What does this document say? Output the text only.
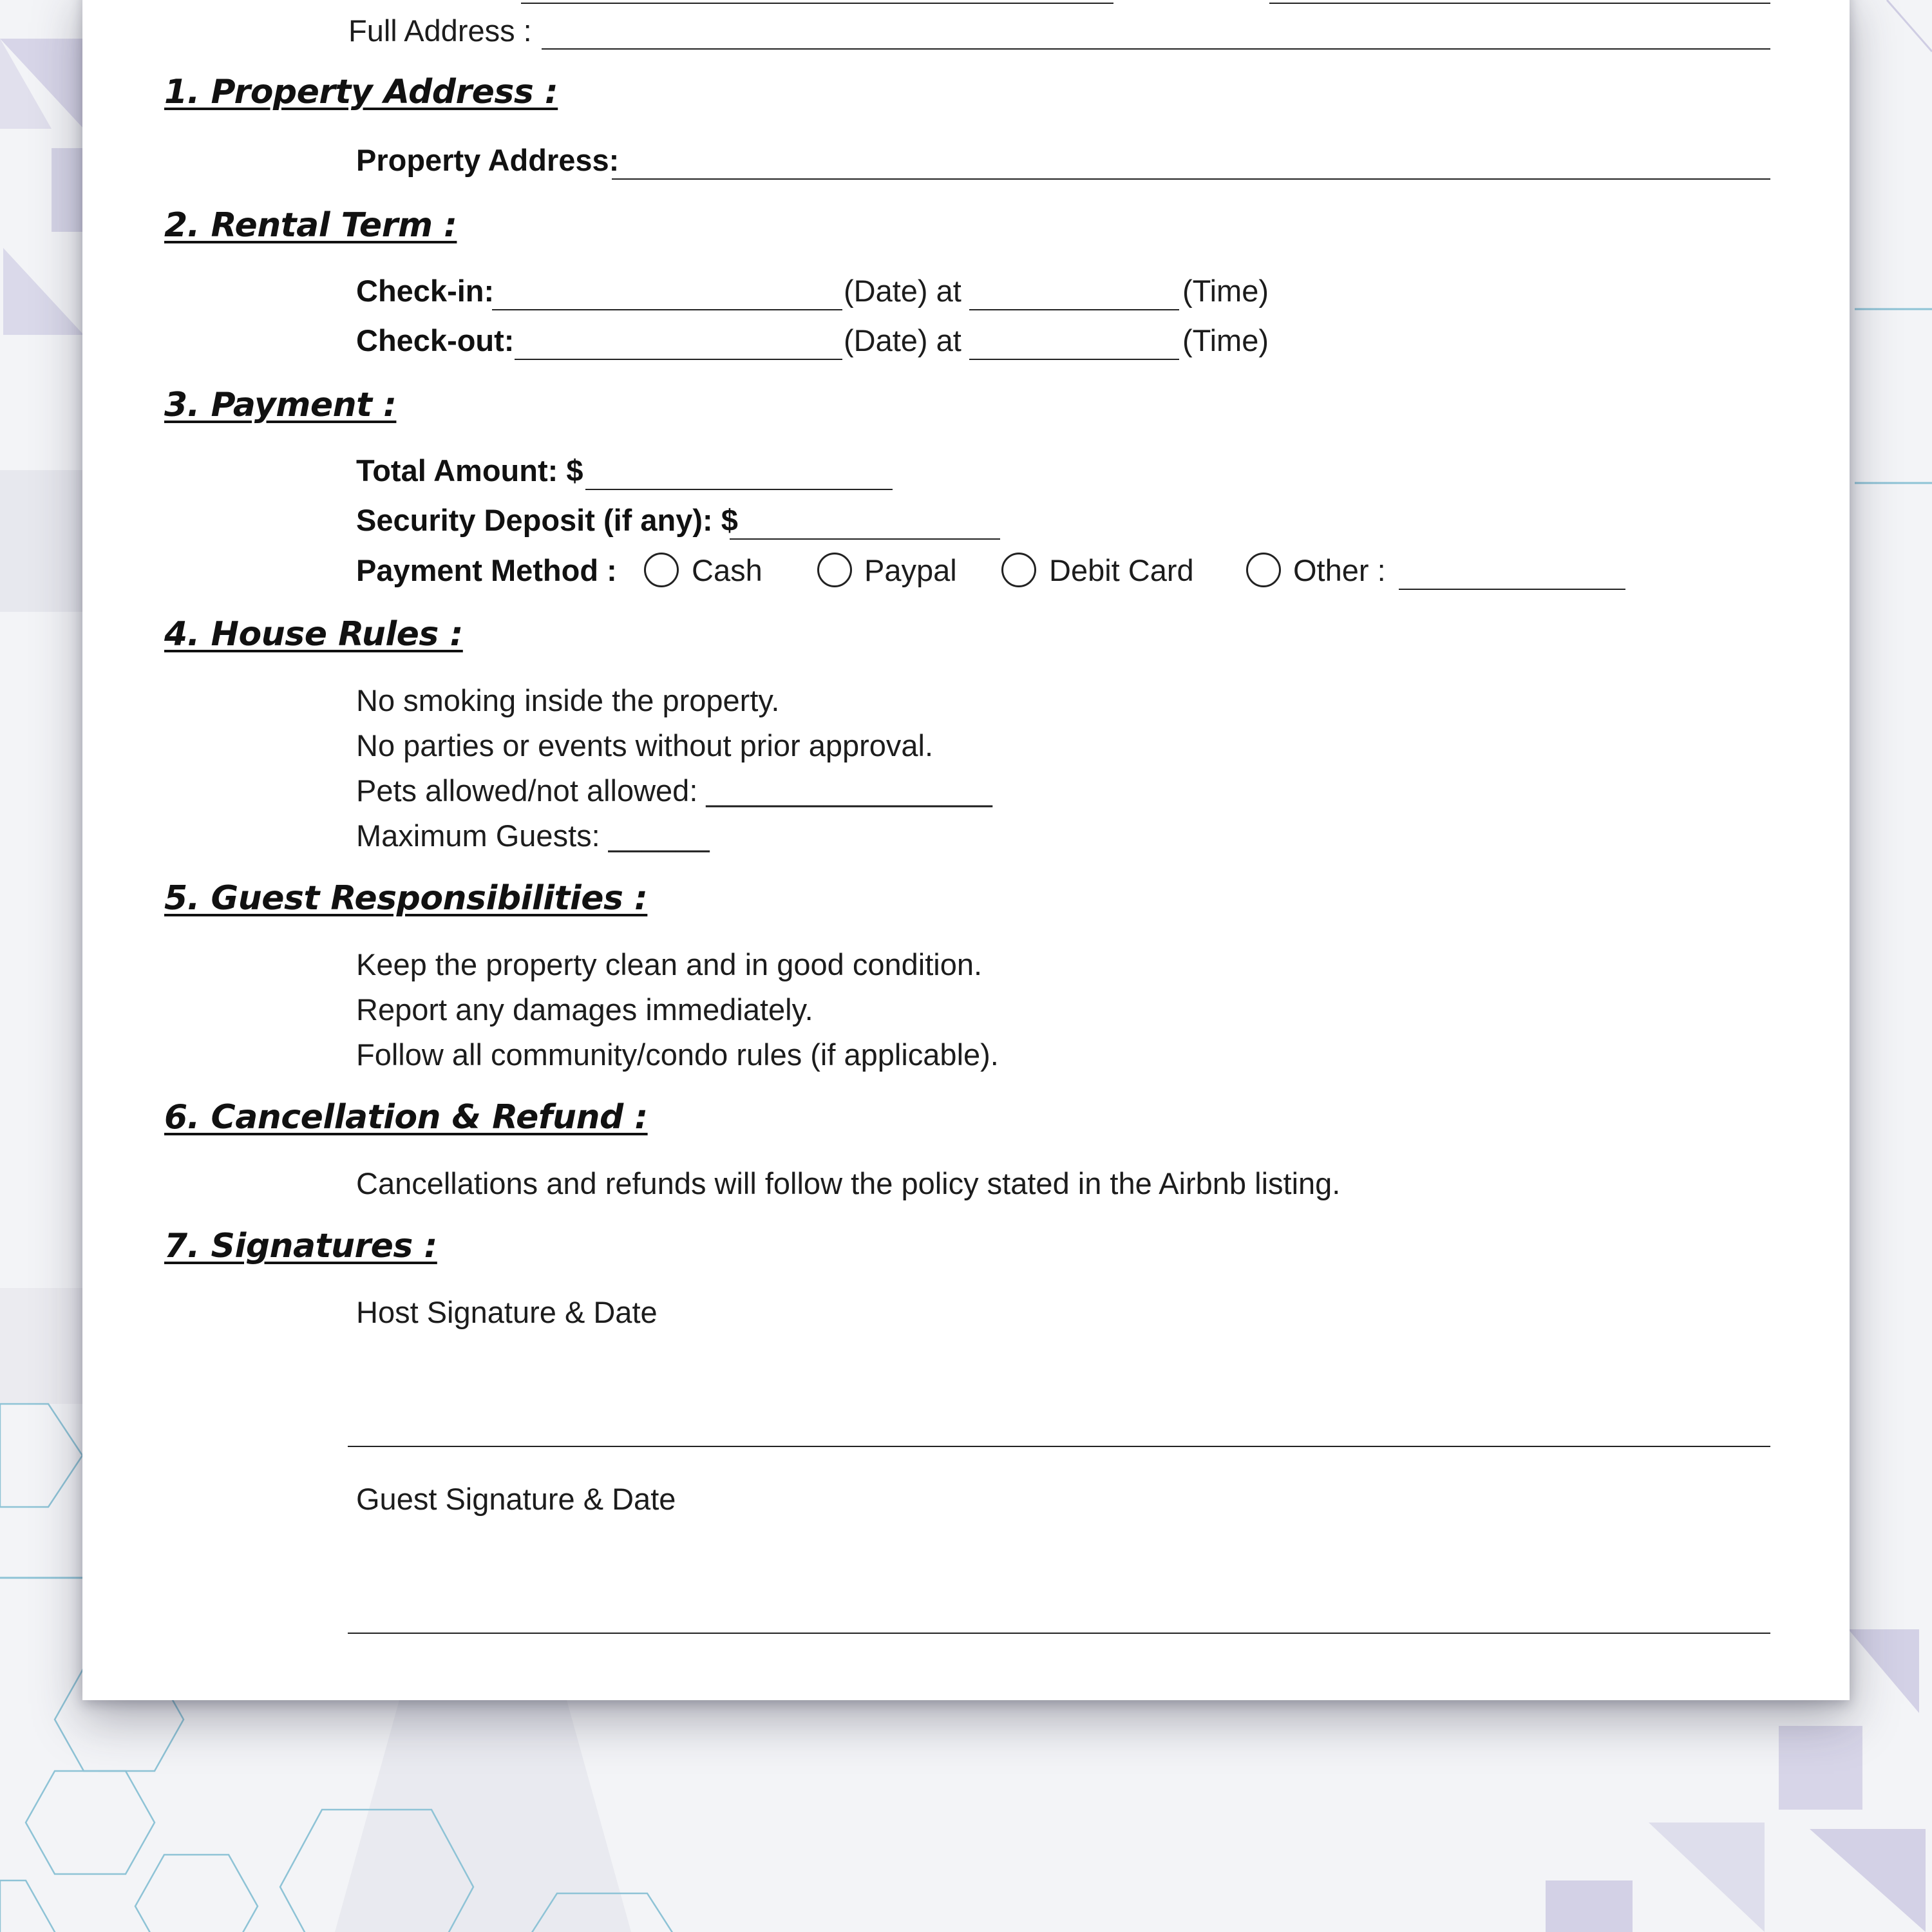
Full Address :
1. Property Address :
Property Address:
2. Rental Term :
Check-in:	(Date) at	(Time)
Check-out:	(Date) at	(Time)
3. Payment :
Total Amount: $
Security Deposit (if any): $
Payment Method : Cash	Paypal	Debit Card	Other :
4. House Rules :
No smoking inside the property.
No parties or events without prior approval.
Pets allowed/not allowed: _________________
Maximum Guests: ______
5. Guest Responsibilities :
Keep the property clean and in good condition.
Report any damages immediately.
Follow all community/condo rules (if applicable).
6. Cancellation & Refund :
Cancellations and refunds will follow the policy stated in the Airbnb listing.
7. Signatures :
Host Signature & Date
Guest Signature & Date
